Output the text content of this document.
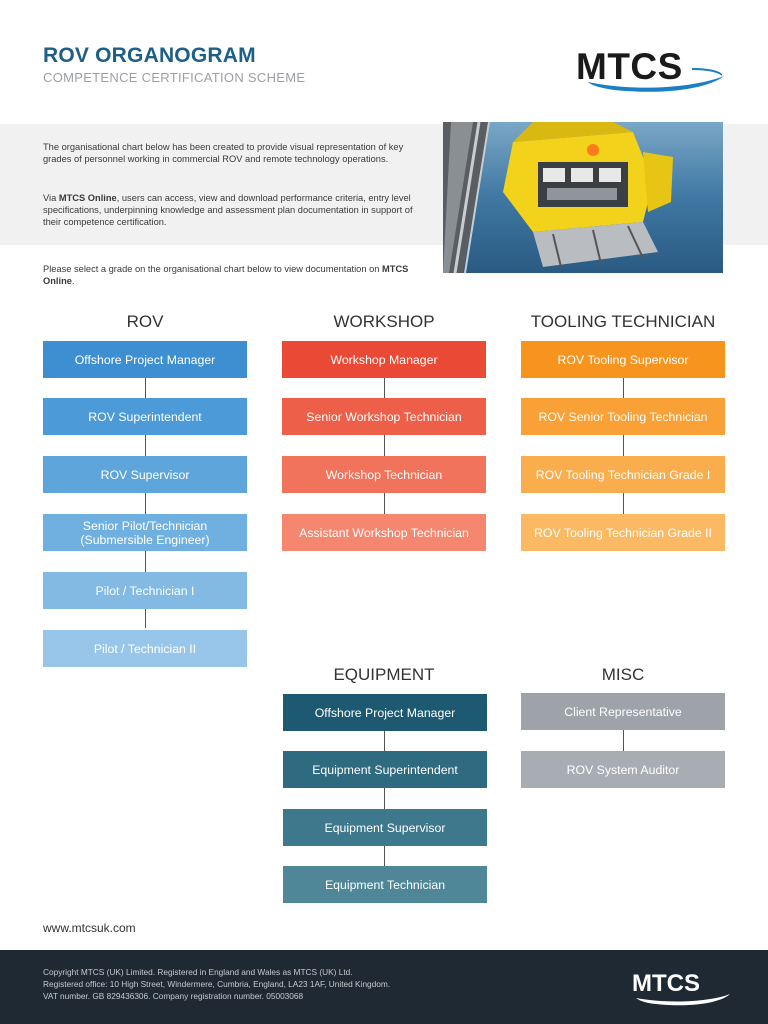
ROV ORGANOGRAM
COMPETENCE CERTIFICATION SCHEME	MTCS

The organisational chart below has been created to provide visual representation of key grades of personnel working in commercial ROV and remote technology operations.

Via MTCS Online, users can access, view and download performance criteria, entry level specifications, underpinning knowledge and assessment plan documentation in support of their competence certification.

Please select a grade on the organisational chart below to view documentation on MTCS Online.

ROV
Offshore Project Manager
ROV Superintendent
ROV Supervisor
Senior Pilot/Technician (Submersible Engineer)
Pilot / Technician I
Pilot / Technician II
WORKSHOP
Workshop Manager
Senior Workshop Technician
Workshop Technician
Assistant Workshop Technician
TOOLING TECHNICIAN
ROV Tooling Supervisor
ROV Senior Tooling Technician
ROV Tooling Technician Grade I
ROV Tooling Technician Grade II
EQUIPMENT
Offshore Project Manager
Equipment Superintendent
Equipment Supervisor
Equipment Technician
MISC
Client Representative
ROV System Auditor
www.mtcsuk.com

Copyright MTCS (UK) Limited. Registered in England and Wales as MTCS (UK) Ltd.

Registered office: 10 High Street, Windermere, Cumbria, England, LA23 1AF, United Kingdom.

VAT number. GB 829436306. Company registration number. 05003068	MTCS
